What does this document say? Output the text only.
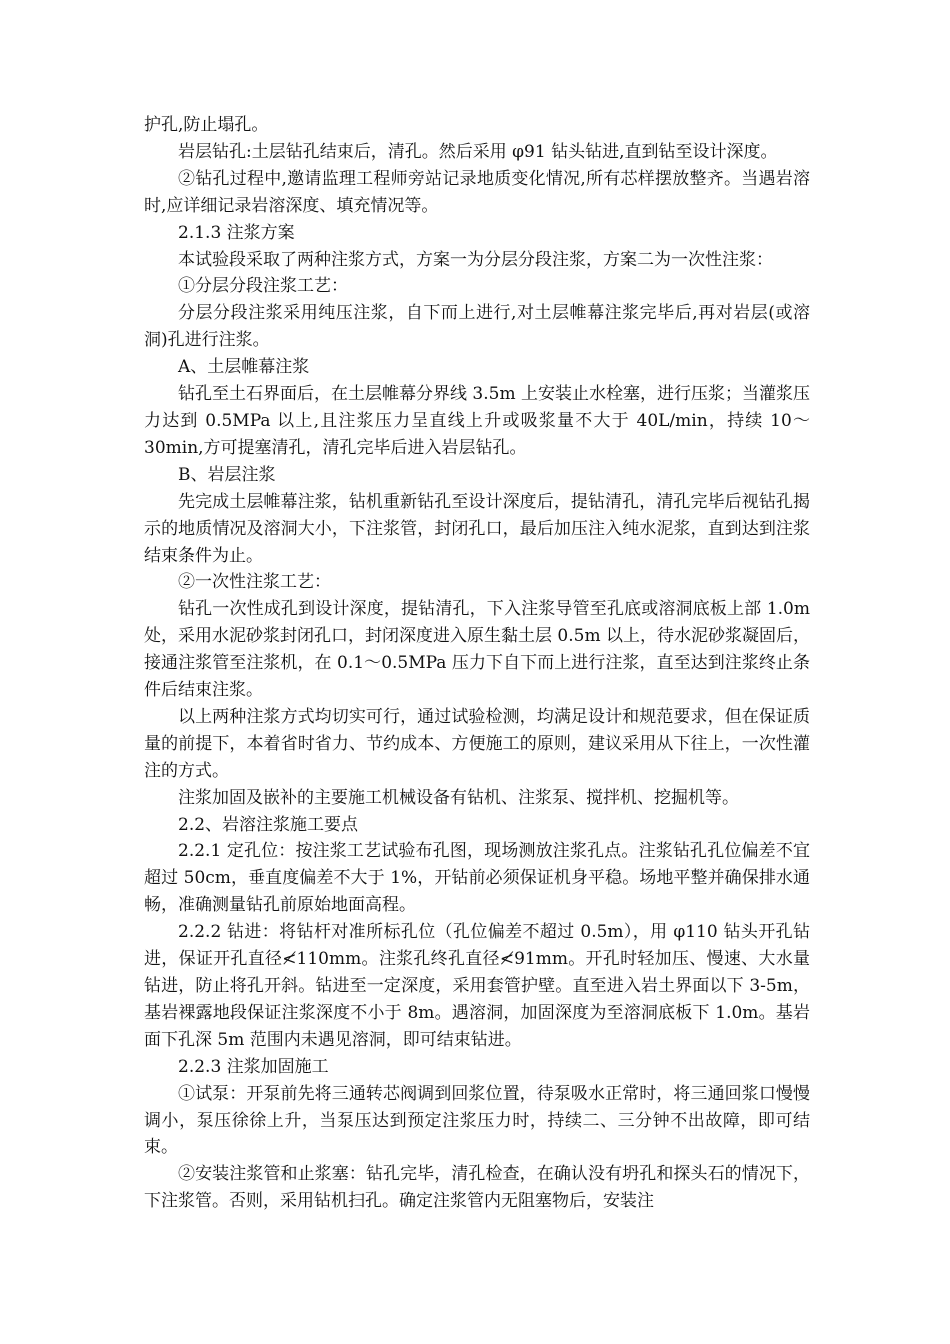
护孔,防止塌孔。

岩层钻孔:土层钻孔结束后，清孔。然后采用 φ91 钻头钻进,直到钻至设计深度。

②钻孔过程中,邀请监理工程师旁站记录地质变化情况,所有芯样摆放整齐。当遇岩溶时,应详细记录岩溶深度、填充情况等。

2.1.3 注浆方案

本试验段采取了两种注浆方式，方案一为分层分段注浆，方案二为一次性注浆：

①分层分段注浆工艺：

分层分段注浆采用纯压注浆，自下而上进行,对土层帷幕注浆完毕后,再对岩层(或溶洞)孔进行注浆。

A、土层帷幕注浆

钻孔至土石界面后，在土层帷幕分界线 3.5m 上安装止水栓塞，进行压浆；当灌浆压力达到 0.5MPa 以上,且注浆压力呈直线上升或吸浆量不大于 40L/min，持续 10～30min,方可提塞清孔，清孔完毕后进入岩层钻孔。

B、岩层注浆

先完成土层帷幕注浆，钻机重新钻孔至设计深度后，提钻清孔，清孔完毕后视钻孔揭示的地质情况及溶洞大小，下注浆管，封闭孔口，最后加压注入纯水泥浆，直到达到注浆结束条件为止。

②一次性注浆工艺：

钻孔一次性成孔到设计深度，提钻清孔，下入注浆导管至孔底或溶洞底板上部 1.0m 处，采用水泥砂浆封闭孔口，封闭深度进入原生黏土层 0.5m 以上，待水泥砂浆凝固后，接通注浆管至注浆机，在 0.1～0.5MPa 压力下自下而上进行注浆，直至达到注浆终止条件后结束注浆。

以上两种注浆方式均切实可行，通过试验检测，均满足设计和规范要求，但在保证质量的前提下，本着省时省力、节约成本、方便施工的原则，建议采用从下往上，一次性灌注的方式。

注浆加固及嵌补的主要施工机械设备有钻机、注浆泵、搅拌机、挖掘机等。

2.2、岩溶注浆施工要点

2.2.1 定孔位：按注浆工艺试验布孔图，现场测放注浆孔点。注浆钻孔孔位偏差不宜超过 50cm，垂直度偏差不大于 1%，开钻前必须保证机身平稳。场地平整并确保排水通畅，准确测量钻孔前原始地面高程。

2.2.2 钻进：将钻杆对准所标孔位（孔位偏差不超过 0.5m），用 φ110 钻头开孔钻进，保证开孔直径≮110mm。注浆孔终孔直径≮91mm。开孔时轻加压、慢速、大水量钻进，防止将孔开斜。钻进至一定深度，采用套管护壁。直至进入岩土界面以下 3-5m，基岩裸露地段保证注浆深度不小于 8m。遇溶洞，加固深度为至溶洞底板下 1.0m。基岩面下孔深 5m 范围内未遇见溶洞，即可结束钻进。

2.2.3 注浆加固施工

①试泵：开泵前先将三通转芯阀调到回浆位置，待泵吸水正常时，将三通回浆口慢慢调小，泵压徐徐上升，当泵压达到预定注浆压力时，持续二、三分钟不出故障，即可结束。

②安装注浆管和止浆塞：钻孔完毕，清孔检查，在确认没有坍孔和探头石的情况下，下注浆管。否则，采用钻机扫孔。确定注浆管内无阻塞物后，安装注
